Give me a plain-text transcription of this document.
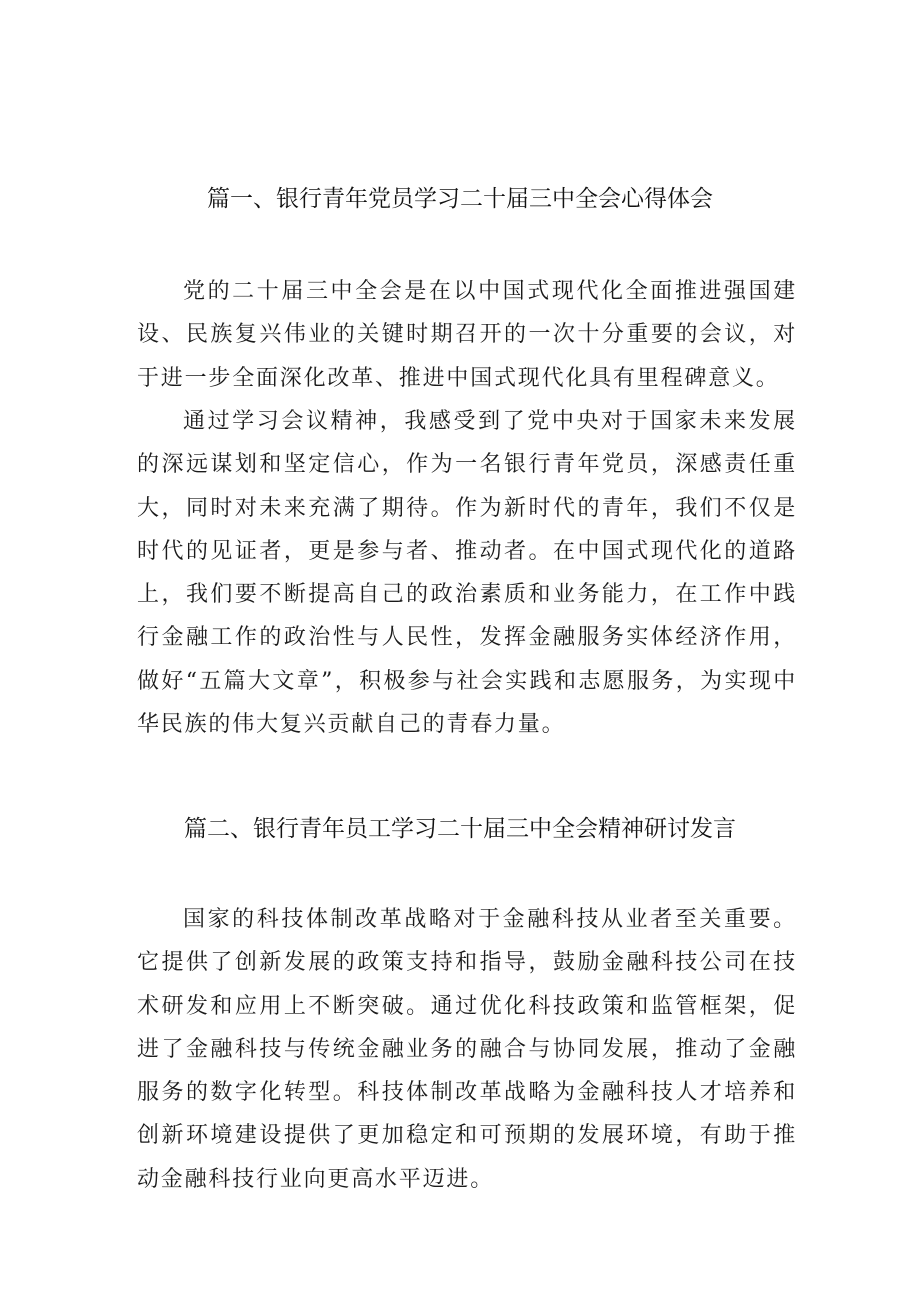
篇一、银行青年党员学习二十届三中全会心得体会

党的二十届三中全会是在以中国式现代化全面推进强国建设、民族复兴伟业的关键时期召开的一次十分重要的会议，对于进一步全面深化改革、推进中国式现代化具有里程碑意义。

通过学习会议精神，我感受到了党中央对于国家未来发展的深远谋划和坚定信心，作为一名银行青年党员，深感责任重大，同时对未来充满了期待。作为新时代的青年，我们不仅是时代的见证者，更是参与者、推动者。在中国式现代化的道路上，我们要不断提高自己的政治素质和业务能力，在工作中践行金融工作的政治性与人民性，发挥金融服务实体经济作用，做好“五篇大文章”，积极参与社会实践和志愿服务，为实现中华民族的伟大复兴贡献自己的青春力量。

篇二、银行青年员工学习二十届三中全会精神研讨发言

国家的科技体制改革战略对于金融科技从业者至关重要。它提供了创新发展的政策支持和指导，鼓励金融科技公司在技术研发和应用上不断突破。通过优化科技政策和监管框架，促进了金融科技与传统金融业务的融合与协同发展，推动了金融服务的数字化转型。科技体制改革战略为金融科技人才培养和创新环境建设提供了更加稳定和可预期的发展环境，有助于推动金融科技行业向更高水平迈进。
